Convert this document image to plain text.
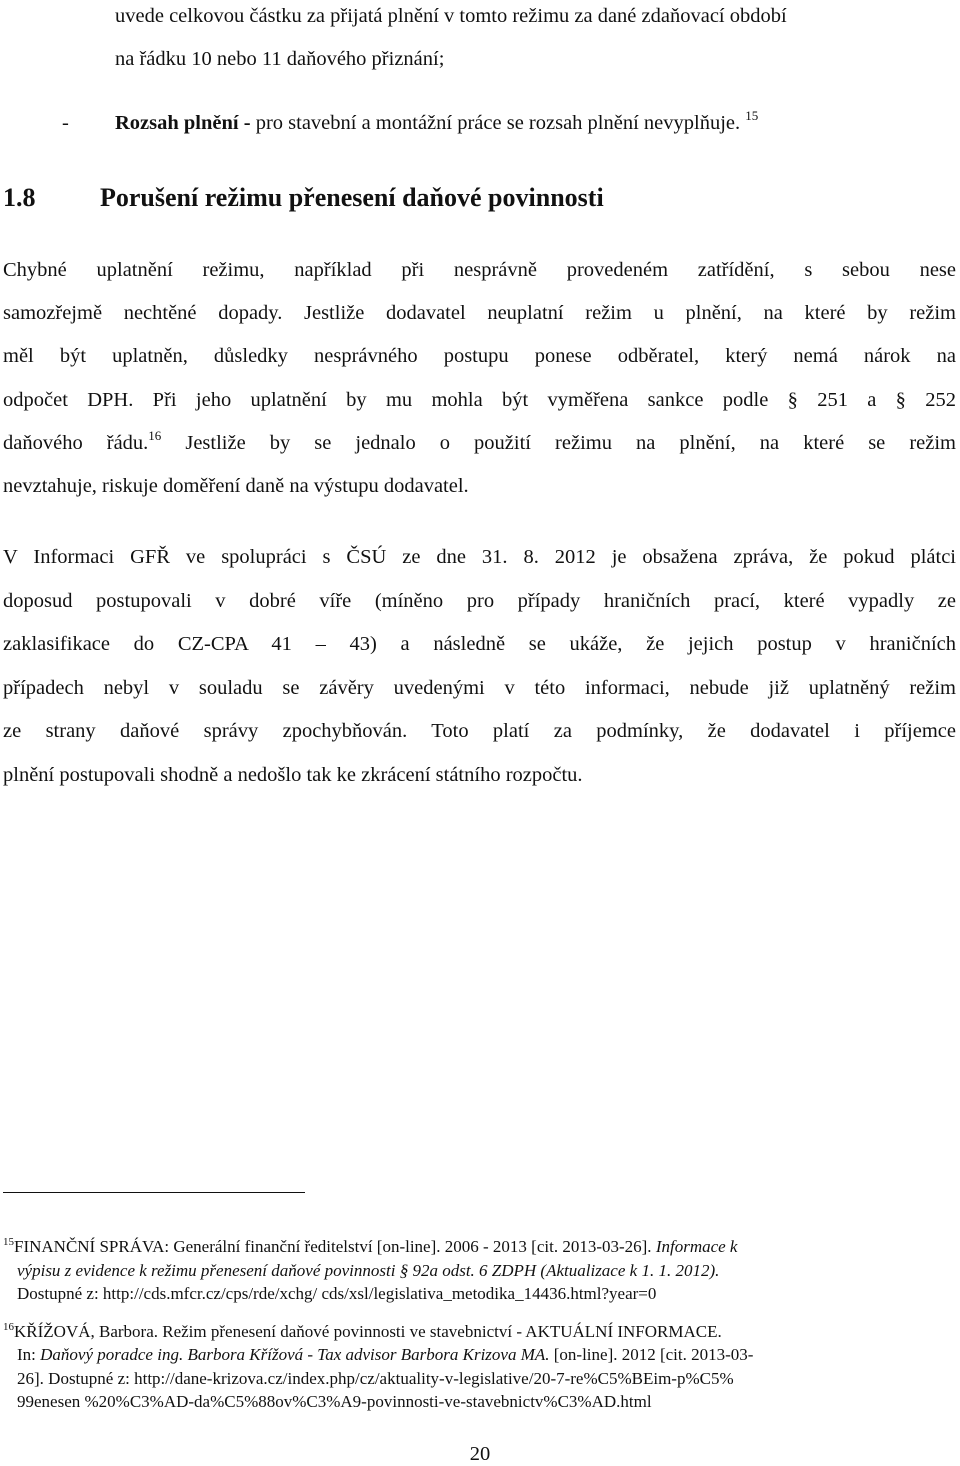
uvede celkovou částku za přijatá plnění v tomto režimu za dané zdaňovací období
na řádku 10 nebo 11 daňového přiznání;
-	Rozsah plnění - pro stavební a montážní práce se rozsah plnění nevyplňuje. $^{15}$
1.8 Porušení režimu přenesení daňové povinnosti
Chybné uplatnění režimu, například při nesprávně provedeném zatřídění, s sebou nese
samozřejmě nechtěné dopady. Jestliže dodavatel neuplatní režim u plnění, na které by režim
měl být uplatněn, důsledky nesprávného postupu ponese odběratel, který nemá nárok na
odpočet DPH. Při jeho uplatnění by mu mohla být vyměřena sankce podle § 251 a § 252
daňového řádu.$^{16}$ Jestliže by se jednalo o použití režimu na plnění, na které se režim
nevztahuje, riskuje doměření daně na výstupu dodavatel.
V Informaci GFŘ ve spolupráci s ČSÚ ze dne 31. 8. 2012 je obsažena zpráva, že pokud plátci
doposud postupovali v dobré víře (míněno pro případy hraničních prací, které vypadly ze
zaklasifikace do CZ-CPA 41 – 43) a následně se ukáže, že jejich postup v hraničních
případech nebyl v souladu se závěry uvedenými v této informaci, nebude již uplatněný režim
ze strany daňové správy zpochybňován. Toto platí za podmínky, že dodavatel i příjemce
plnění postupovali shodně a nedošlo tak ke zkrácení státního rozpočtu.
$^{15}$FINANČNÍ SPRÁVA: Generální finanční ředitelství [on-line]. 2006 - 2013 [cit. 2013-03-26]. Informace k
výpisu z evidence k režimu přenesení daňové povinnosti § 92a odst. 6 ZDPH (Aktualizace k 1. 1. 2012).
Dostupné z: http://cds.mfcr.cz/cps/rde/xchg/ cds/xsl/legislativa_metodika_14436.html?year=0
$^{16}$KŘÍŽOVÁ, Barbora. Režim přenesení daňové povinnosti ve stavebnictví - AKTUÁLNÍ INFORMACE.
In: Daňový poradce ing. Barbora Křížová - Tax advisor Barbora Krizova MA. [on-line]. 2012 [cit. 2013-03-
26]. Dostupné z: http://dane-krizova.cz/index.php/cz/aktuality-v-legislative/20-7-re%C5%BEim-p%C5%
99enesen %20%C3%AD-da%C5%88ov%C3%A9-povinnosti-ve-stavebnictv%C3%AD.html
20
